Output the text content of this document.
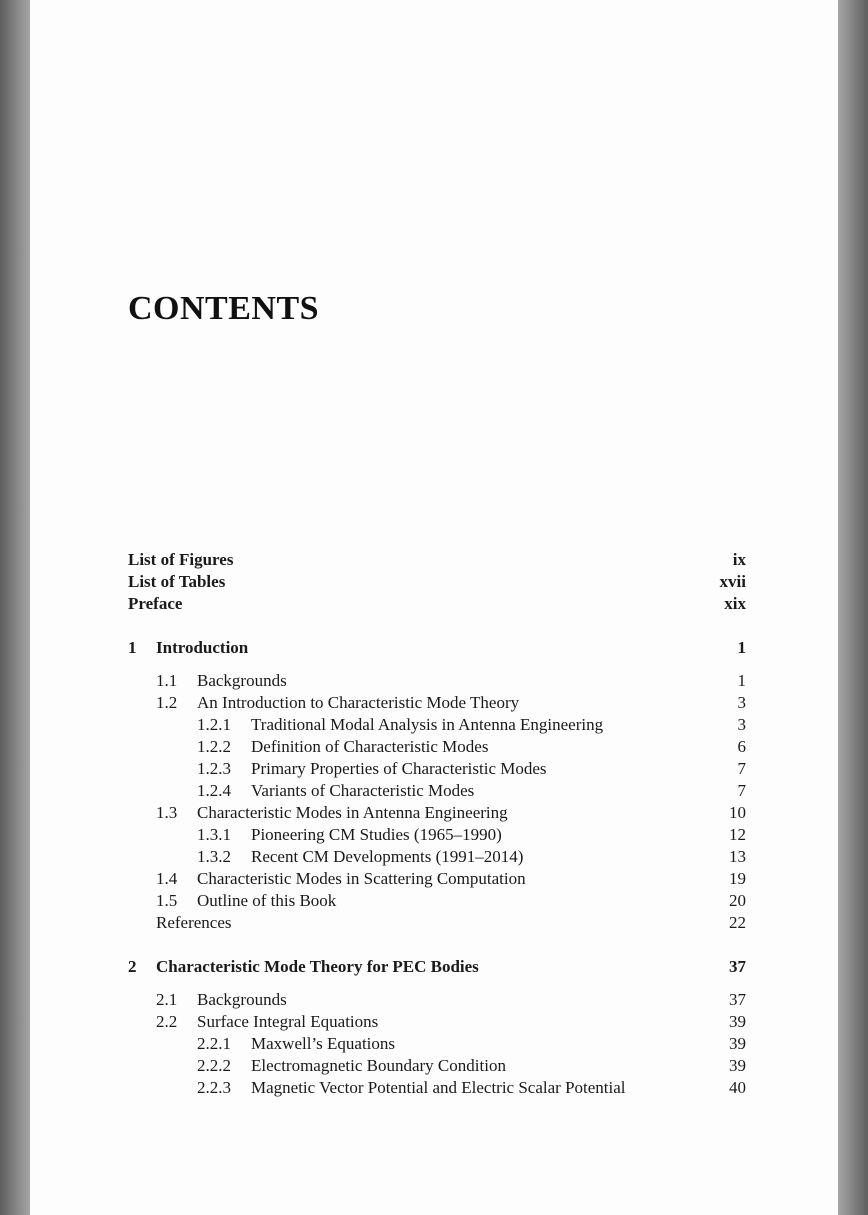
CONTENTS
List of Figures	ix
List of Tables	xvii
Preface	xix
1 Introduction	1
1.1 Backgrounds	1
1.2 An Introduction to Characteristic Mode Theory	3
1.2.1 Traditional Modal Analysis in Antenna Engineering	3
1.2.2 Definition of Characteristic Modes	6
1.2.3 Primary Properties of Characteristic Modes	7
1.2.4 Variants of Characteristic Modes	7
1.3 Characteristic Modes in Antenna Engineering	10
1.3.1 Pioneering CM Studies (1965–1990)	12
1.3.2 Recent CM Developments (1991–2014)	13
1.4 Characteristic Modes in Scattering Computation	19
1.5 Outline of this Book	20
References	22
2 Characteristic Mode Theory for PEC Bodies	37
2.1 Backgrounds	37
2.2 Surface Integral Equations	39
2.2.1 Maxwell’s Equations	39
2.2.2 Electromagnetic Boundary Condition	39
2.2.3 Magnetic Vector Potential and Electric Scalar Potential	40
